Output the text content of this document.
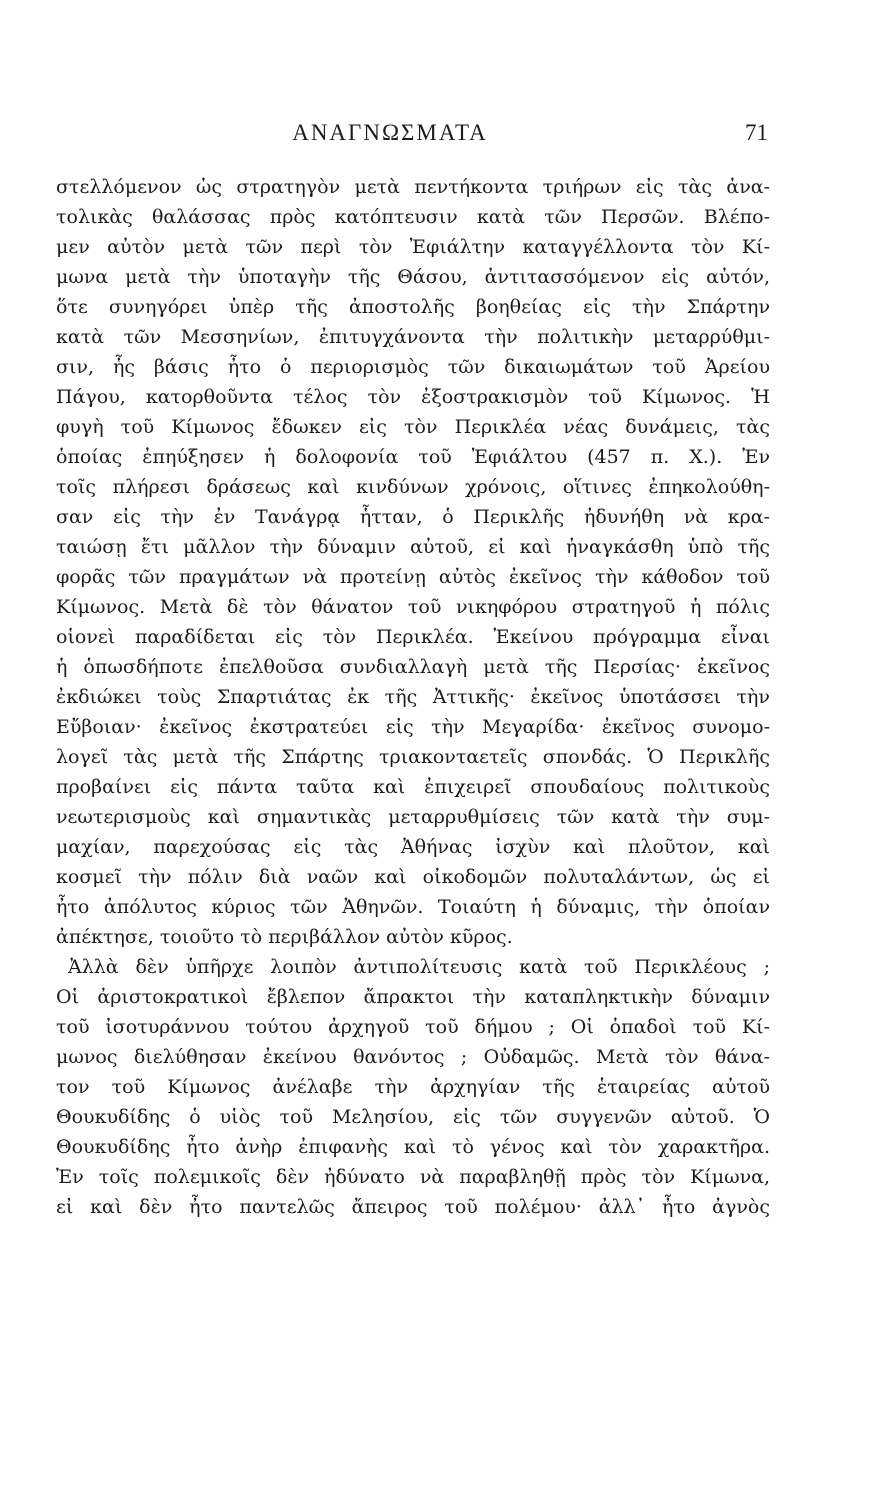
ΑΝΑΓΝΩΣΜΑΤΑ	71
στελλόμενον ὡς στρατηγὸν μετὰ πεντήκοντα τριήρων εἰς τὰς ἀνα-
τολικὰς θαλάσσας πρὸς κατόπτευσιν κατὰ τῶν Περσῶν. Βλέπο-
μεν αὐτὸν μετὰ τῶν περὶ τὸν Ἐφιάλτην καταγγέλλοντα τὸν Κί-
μωνα μετὰ τὴν ὑποταγὴν τῆς Θάσου, ἀντιτασσόμενον εἰς αὐτόν,
ὅτε συνηγόρει ὑπὲρ τῆς ἀποστολῆς βοηθείας εἰς τὴν Σπάρτην
κατὰ τῶν Μεσσηνίων, ἐπιτυγχάνοντα τὴν πολιτικὴν μεταρρύθμι-
σιν, ἧς βάσις ἦτο ὁ περιορισμὸς τῶν δικαιωμάτων τοῦ Ἀρείου
Πάγου, κατορθοῦντα τέλος τὸν ἐξοστρακισμὸν τοῦ Κίμωνος. Ἡ
φυγὴ τοῦ Κίμωνος ἔδωκεν εἰς τὸν Περικλέα νέας δυνάμεις, τὰς
ὁποίας ἐπηύξησεν ἡ δολοφονία τοῦ Ἐφιάλτου (457 π. Χ.). Ἐν
τοῖς πλήρεσι δράσεως καὶ κινδύνων χρόνοις, οἵτινες ἐπηκολούθη-
σαν εἰς τὴν ἐν Τανάγρᾳ ἧτταν, ὁ Περικλῆς ἠδυνήθη νὰ κρα-
ταιώσῃ ἔτι μᾶλλον τὴν δύναμιν αὐτοῦ, εἰ καὶ ἠναγκάσθη ὑπὸ τῆς
φορᾶς τῶν πραγμάτων νὰ προτείνῃ αὐτὸς ἐκεῖνος τὴν κάθοδον τοῦ
Κίμωνος. Μετὰ δὲ τὸν θάνατον τοῦ νικηφόρου στρατηγοῦ ἡ πόλις
οἱονεὶ παραδίδεται εἰς τὸν Περικλέα. Ἐκείνου πρόγραμμα εἶναι
ἡ ὁπωσδήποτε ἐπελθοῦσα συνδιαλλαγὴ μετὰ τῆς Περσίας· ἐκεῖνος
ἐκδιώκει τοὺς Σπαρτιάτας ἐκ τῆς Ἀττικῆς· ἐκεῖνος ὑποτάσσει τὴν
Εὔβοιαν· ἐκεῖνος ἐκστρατεύει εἰς τὴν Μεγαρίδα· ἐκεῖνος συνομο-
λογεῖ τὰς μετὰ τῆς Σπάρτης τριακονταετεῖς σπονδάς. Ὁ Περικλῆς
προβαίνει εἰς πάντα ταῦτα καὶ ἐπιχειρεῖ σπουδαίους πολιτικοὺς
νεωτερισμοὺς καὶ σημαντικὰς μεταρρυθμίσεις τῶν κατὰ τὴν συμ-
μαχίαν, παρεχούσας εἰς τὰς Ἀθήνας ἰσχὺν καὶ πλοῦτον, καὶ
κοσμεῖ τὴν πόλιν διὰ ναῶν καὶ οἰκοδομῶν πολυταλάντων, ὡς εἰ
ἦτο ἀπόλυτος κύριος τῶν Ἀθηνῶν. Τοιαύτη ἡ δύναμις, τὴν ὁποίαν
ἀπέκτησε, τοιοῦτο τὸ περιβάλλον αὐτὸν κῦρος.
Ἀλλὰ δὲν ὑπῆρχε λοιπὸν ἀντιπολίτευσις κατὰ τοῦ Περικλέους ;
Οἱ ἀριστοκρατικοὶ ἔβλεπον ἄπρακτοι τὴν καταπληκτικὴν δύναμιν
τοῦ ἰσοτυράννου τούτου ἀρχηγοῦ τοῦ δήμου ; Οἱ ὀπαδοὶ τοῦ Κί-
μωνος διελύθησαν ἐκείνου θανόντος ; Οὐδαμῶς. Μετὰ τὸν θάνα-
τον τοῦ Κίμωνος ἀνέλαβε τὴν ἀρχηγίαν τῆς ἑταιρείας αὐτοῦ
Θουκυδίδης ὁ υἱὸς τοῦ Μελησίου, εἰς τῶν συγγενῶν αὐτοῦ. Ὁ
Θουκυδίδης ἦτο ἀνὴρ ἐπιφανὴς καὶ τὸ γένος καὶ τὸν χαρακτῆρα.
Ἐν τοῖς πολεμικοῖς δὲν ἠδύνατο νὰ παραβληθῇ πρὸς τὸν Κίμωνα,
εἰ καὶ δὲν ἦτο παντελῶς ἄπειρος τοῦ πολέμου· ἀλλ᾽ ἦτο ἀγνὸς
